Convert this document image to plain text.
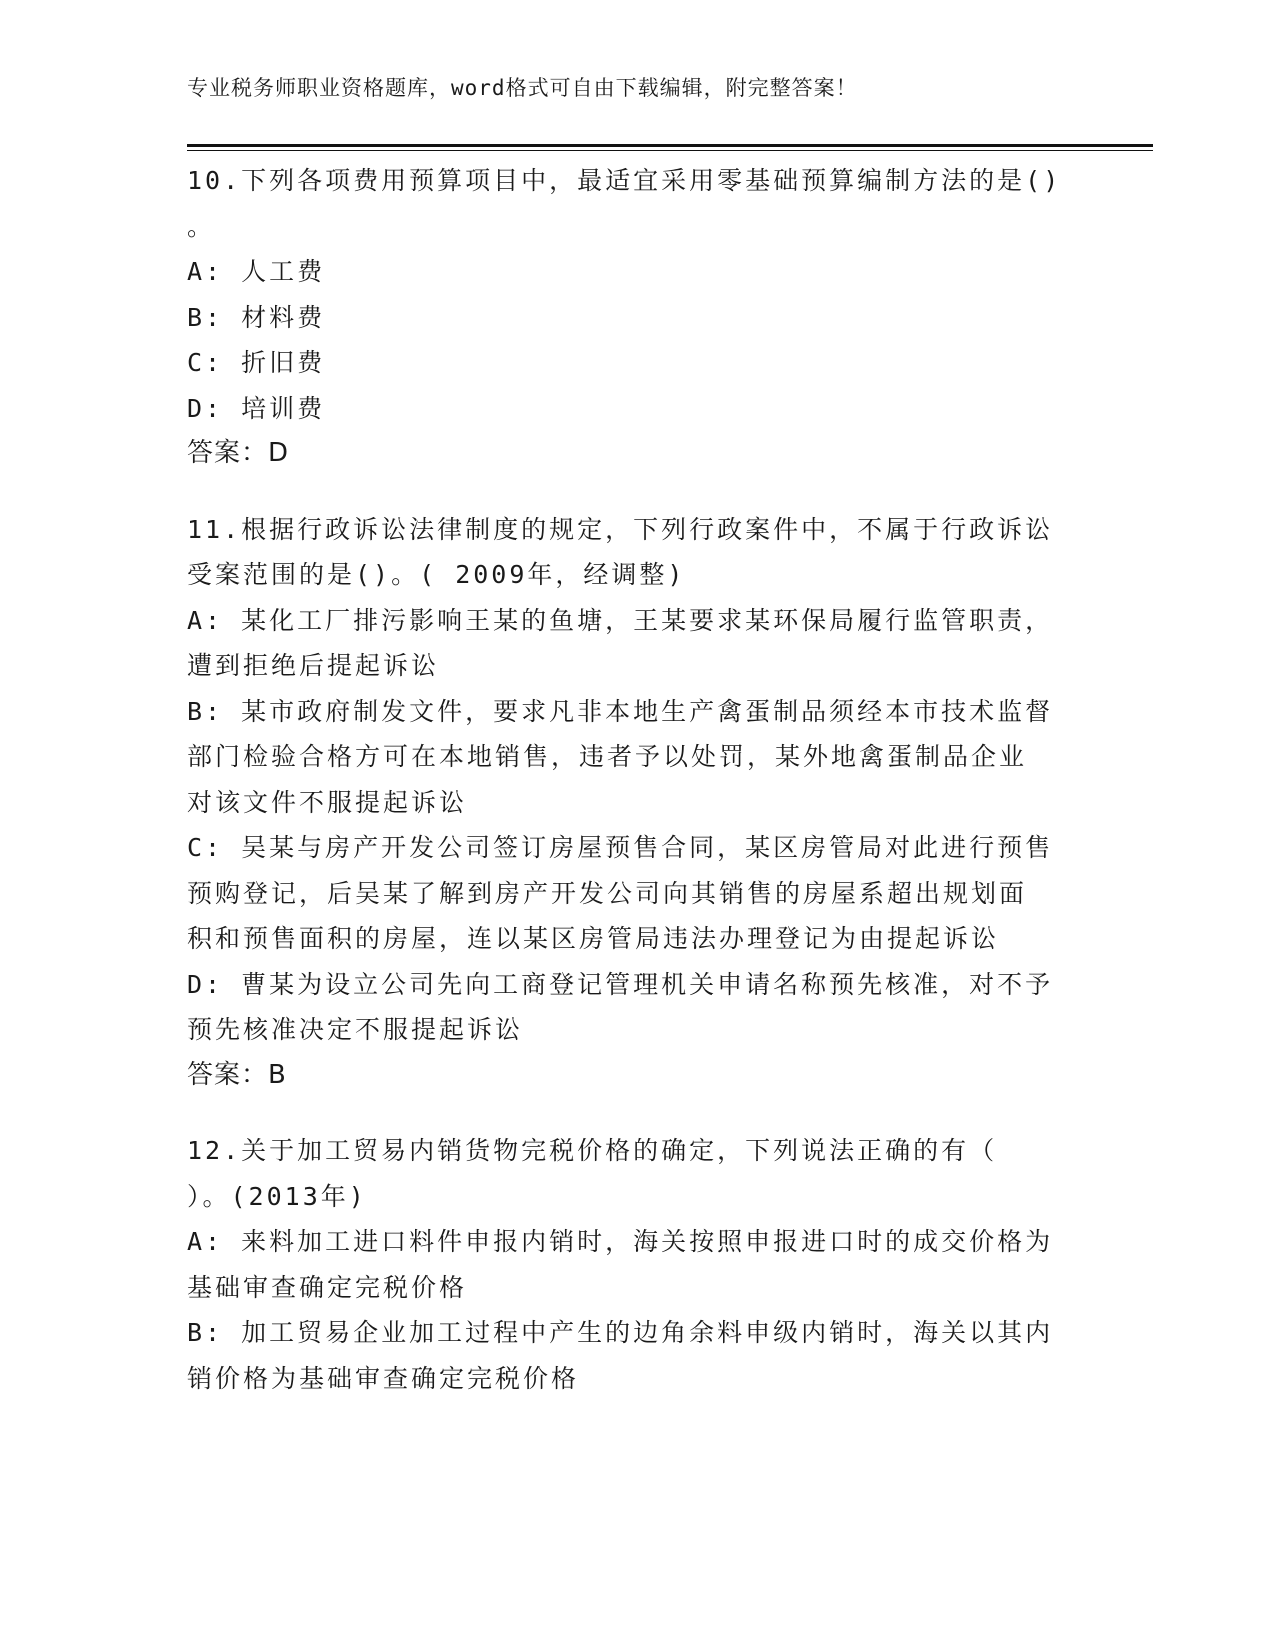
专业税务师职业资格题库，word格式可自由下载编辑，附完整答案！
10.下列各项费用预算项目中，最适宜采用零基础预算编制方法的是()
。
A: 人工费
B: 材料费
C: 折旧费
D: 培训费
答案：D
11.根据行政诉讼法律制度的规定，下列行政案件中，不属于行政诉讼
受案范围的是()。( 2009年，经调整)
A: 某化工厂排污影响王某的鱼塘，王某要求某环保局履行监管职责，
遭到拒绝后提起诉讼
B: 某市政府制发文件，要求凡非本地生产禽蛋制品须经本市技术监督
部门检验合格方可在本地销售，违者予以处罚，某外地禽蛋制品企业
对该文件不服提起诉讼
C: 吴某与房产开发公司签订房屋预售合同，某区房管局对此进行预售
预购登记，后吴某了解到房产开发公司向其销售的房屋系超出规划面
积和预售面积的房屋，连以某区房管局违法办理登记为由提起诉讼
D: 曹某为设立公司先向工商登记管理机关申请名称预先核准，对不予
预先核准决定不服提起诉讼
答案：B
12.关于加工贸易内销货物完税价格的确定，下列说法正确的有（
）。(2013年)
A: 来料加工进口料件申报内销时，海关按照申报进口时的成交价格为
基础审查确定完税价格
B: 加工贸易企业加工过程中产生的边角余料申级内销时，海关以其内
销价格为基础审查确定完税价格
